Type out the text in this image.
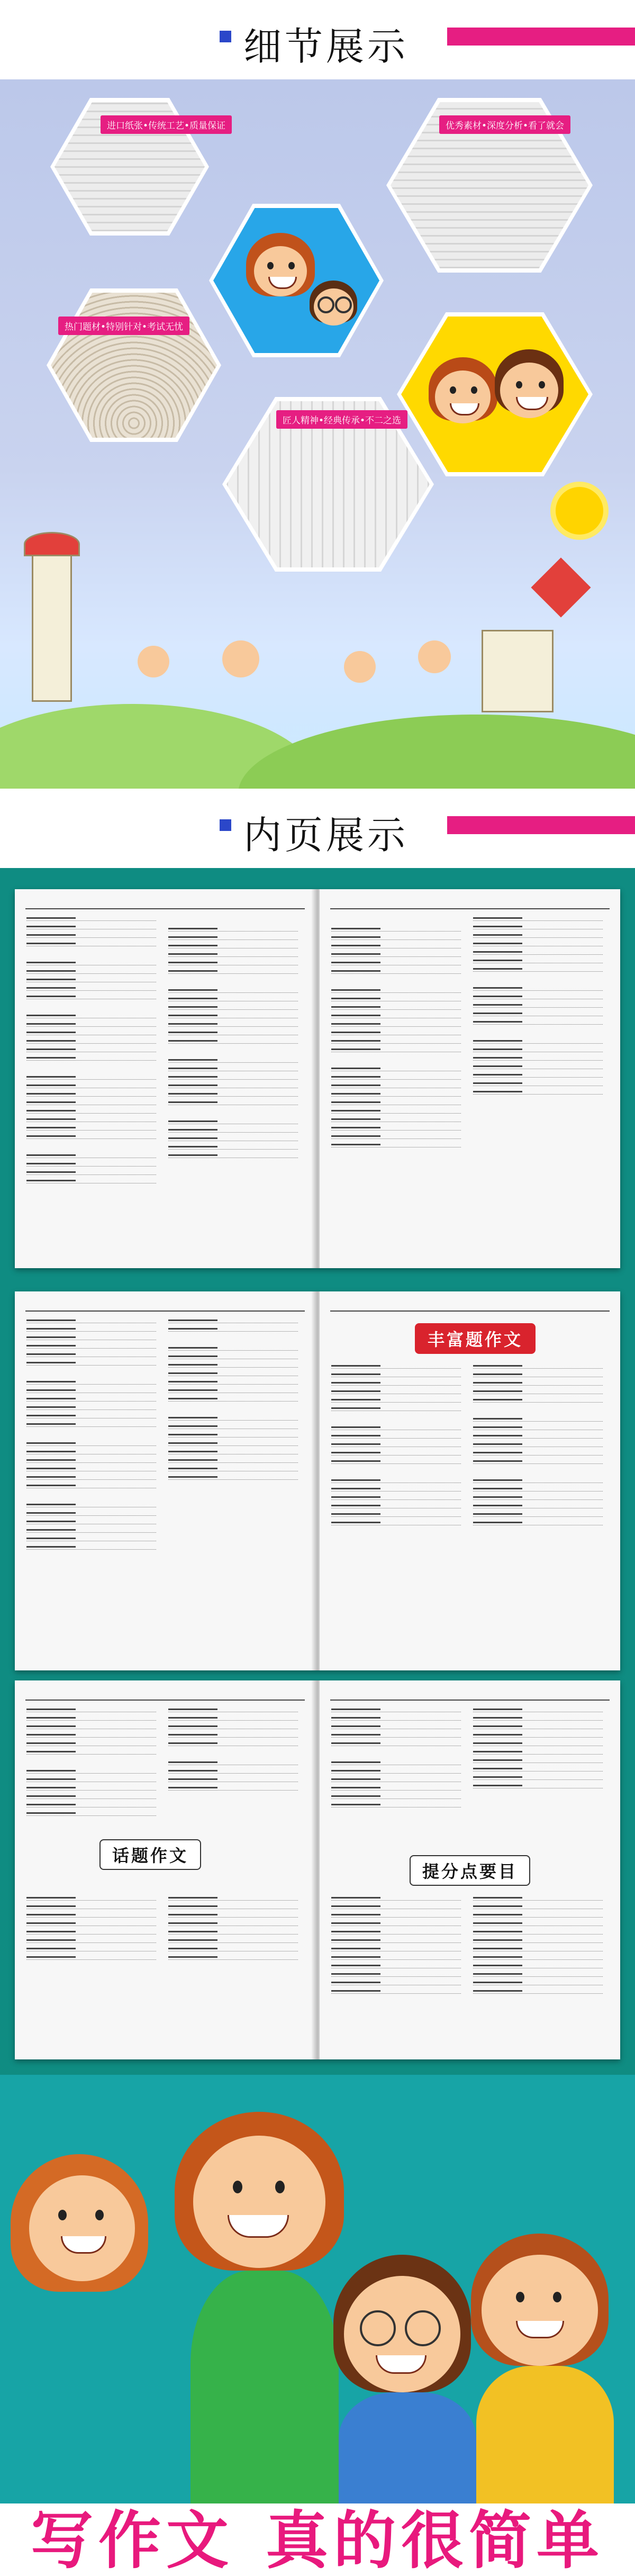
细节展示
进口纸张•传统工艺•质量保证	优秀素材•深度分析•看了就会
热门题材•特别针对•考试无忧
匠人精神•经典传承•不二之选
内页展示
丰富题作文
话题作文
提分点要目
写作文 真的很简单
